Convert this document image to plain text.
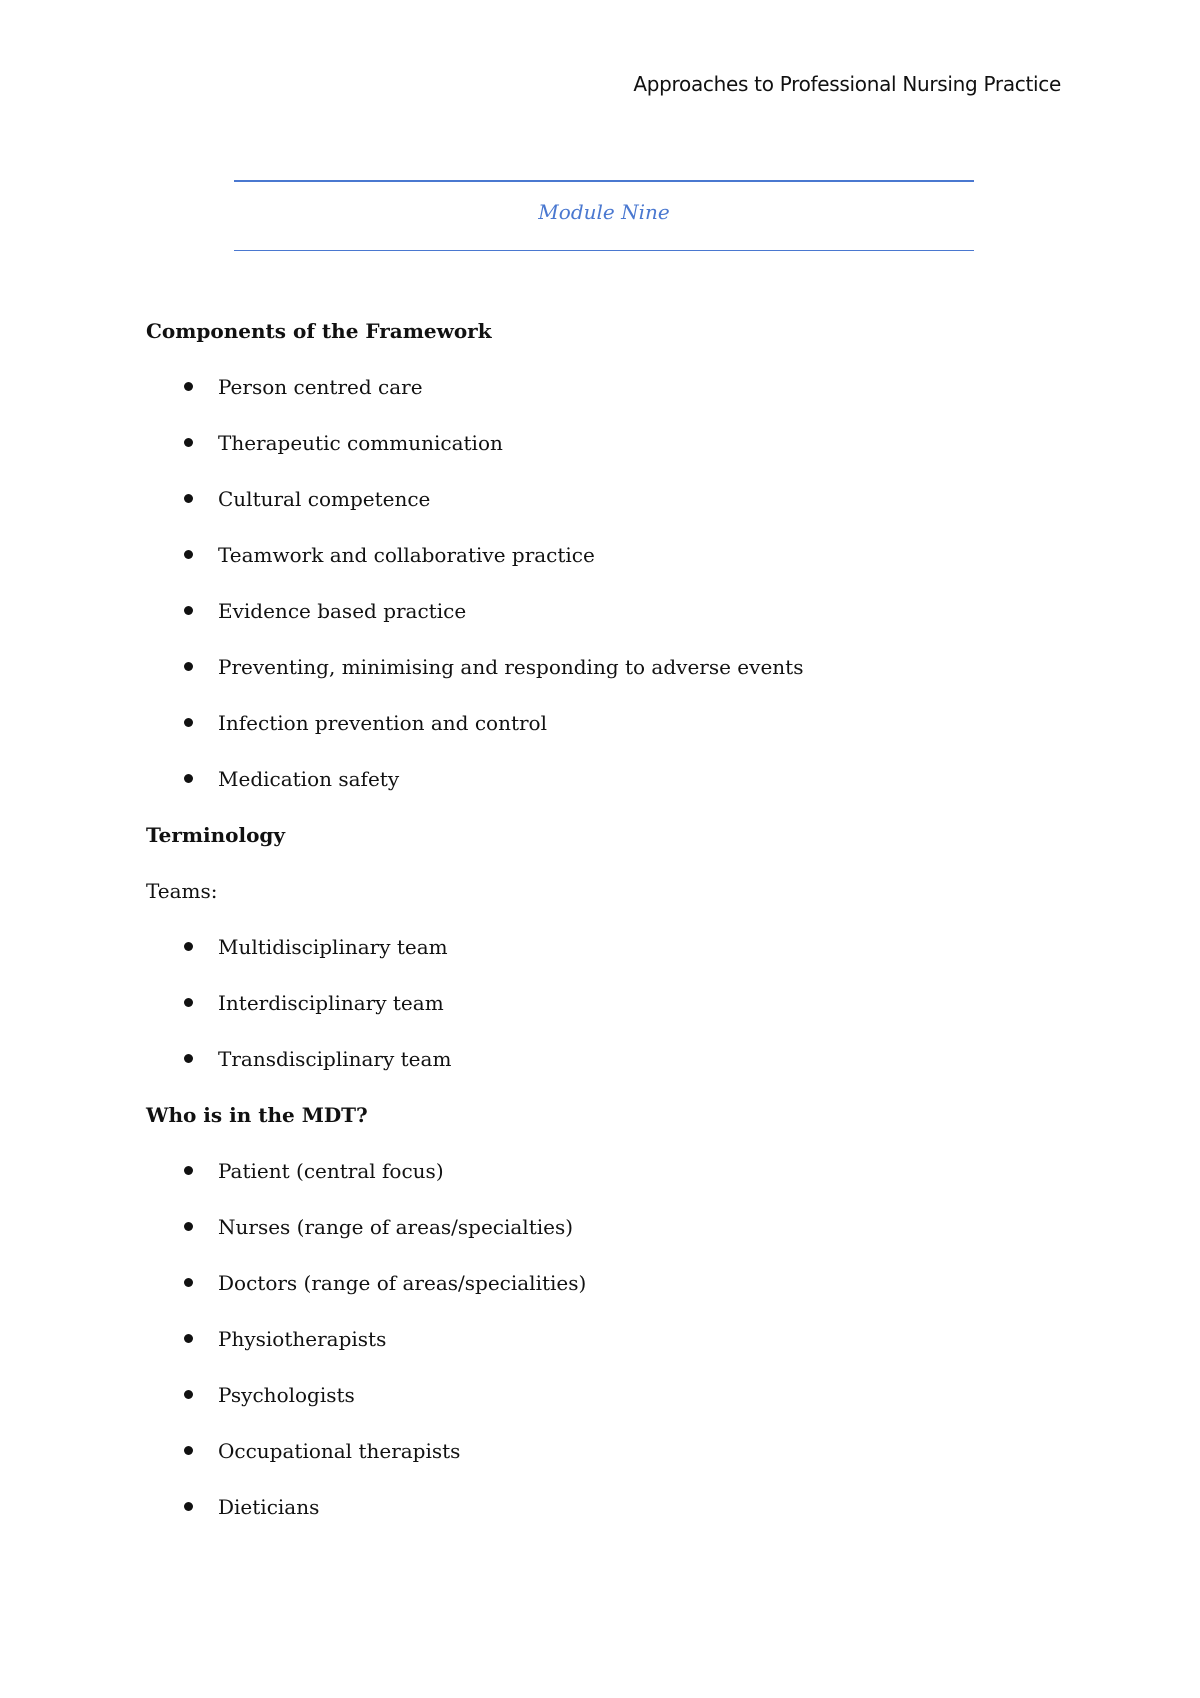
Approaches to Professional Nursing Practice
Module Nine
Components of the Framework
Person centred care
Therapeutic communication
Cultural competence
Teamwork and collaborative practice
Evidence based practice
Preventing, minimising and responding to adverse events
Infection prevention and control
Medication safety
Terminology
Teams:
Multidisciplinary team
Interdisciplinary team
Transdisciplinary team
Who is in the MDT?
Patient (central focus)
Nurses (range of areas/specialties)
Doctors (range of areas/specialities)
Physiotherapists
Psychologists
Occupational therapists
Dieticians
